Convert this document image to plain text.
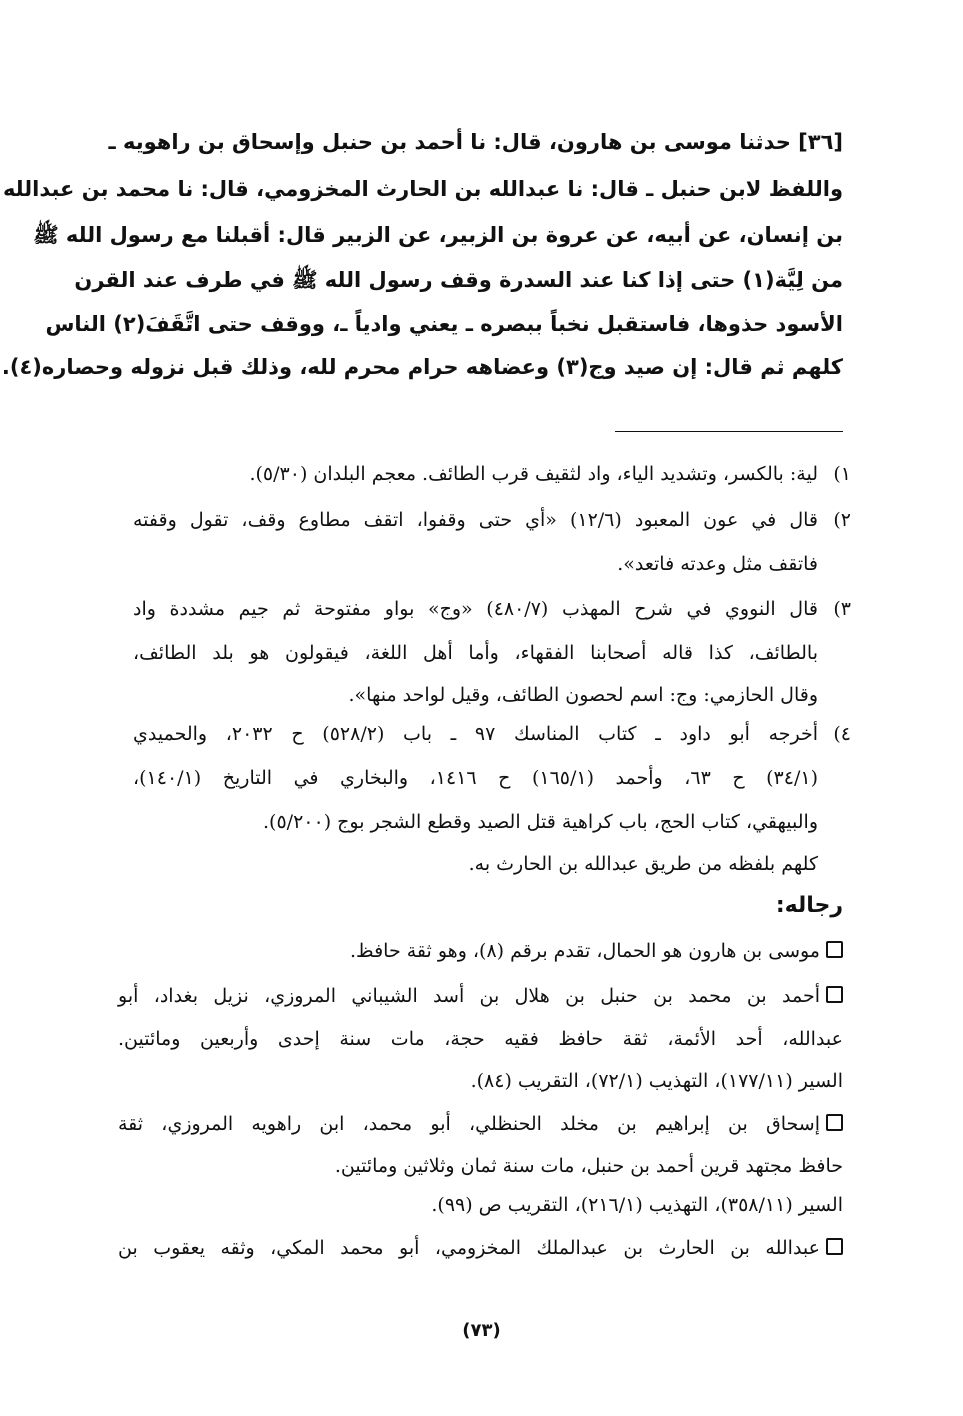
[٣٦] حدثنا موسى بن هارون، قال: نا أحمد بن حنبل وإسحاق بن راهويه ـ
واللفظ لابن حنبل ـ قال: نا عبدالله بن الحارث المخزومي، قال: نا محمد بن عبدالله
بن إنسان، عن أبيه، عن عروة بن الزبير، عن الزبير قال: أقبلنا مع رسول الله ﷺ
من لِيَّة(١) حتى إذا كنا عند السدرة وقف رسول الله ﷺ في طرف عند القرن
الأسود حذوها، فاستقبل نخباً ببصره ـ يعني وادياً ـ، ووقف حتى اتَّقَفَ(٢) الناس
كلهم ثم قال: إن صيد وج(٣) وعضاهه حرام محرم لله، وذلك قبل نزوله وحصاره(٤).
١)
لية: بالكسر، وتشديد الياء، واد لثقيف قرب الطائف. معجم البلدان (٥/٣٠).
٢)
قال في عون المعبود (١٢/٦) «أي حتى وقفوا، اتقف مطاوع وقف، تقول وقفته
فاتقف مثل وعدته فاتعد».
٣)
قال النووي في شرح المهذب (٤٨٠/٧) «وج» بواو مفتوحة ثم جيم مشددة واد
بالطائف، كذا قاله أصحابنا الفقهاء، وأما أهل اللغة، فيقولون هو بلد الطائف،
وقال الحازمي: وج: اسم لحصون الطائف، وقيل لواحد منها».
٤)
أخرجه أبو داود ـ كتاب المناسك ٩٧ ـ باب (٥٢٨/٢) ح ٢٠٣٢، والحميدي
(٣٤/١) ح ٦٣، وأحمد (١٦٥/١) ح ١٤١٦، والبخاري في التاريخ (١٤٠/١)،
والبيهقي، كتاب الحج، باب كراهية قتل الصيد وقطع الشجر بوج (٥/٢٠٠).
كلهم بلفظه من طريق عبدالله بن الحارث به.
رجاله:
موسى بن هارون هو الحمال، تقدم برقم (٨)، وهو ثقة حافظ.
أحمد بن محمد بن حنبل بن هلال بن أسد الشيباني المروزي، نزيل بغداد، أبو
عبدالله، أحد الأئمة، ثقة حافظ فقيه حجة، مات سنة إحدى وأربعين ومائتين.
السير (١٧٧/١١)، التهذيب (٧٢/١)، التقريب (٨٤).
إسحاق بن إبراهيم بن مخلد الحنظلي، أبو محمد، ابن راهويه المروزي، ثقة
حافظ مجتهد قرين أحمد بن حنبل، مات سنة ثمان وثلاثين ومائتين.
السير (٣٥٨/١١)، التهذيب (٢١٦/١)، التقريب ص (٩٩).
عبدالله بن الحارث بن عبدالملك المخزومي، أبو محمد المكي، وثقه يعقوب بن
(٧٣)
